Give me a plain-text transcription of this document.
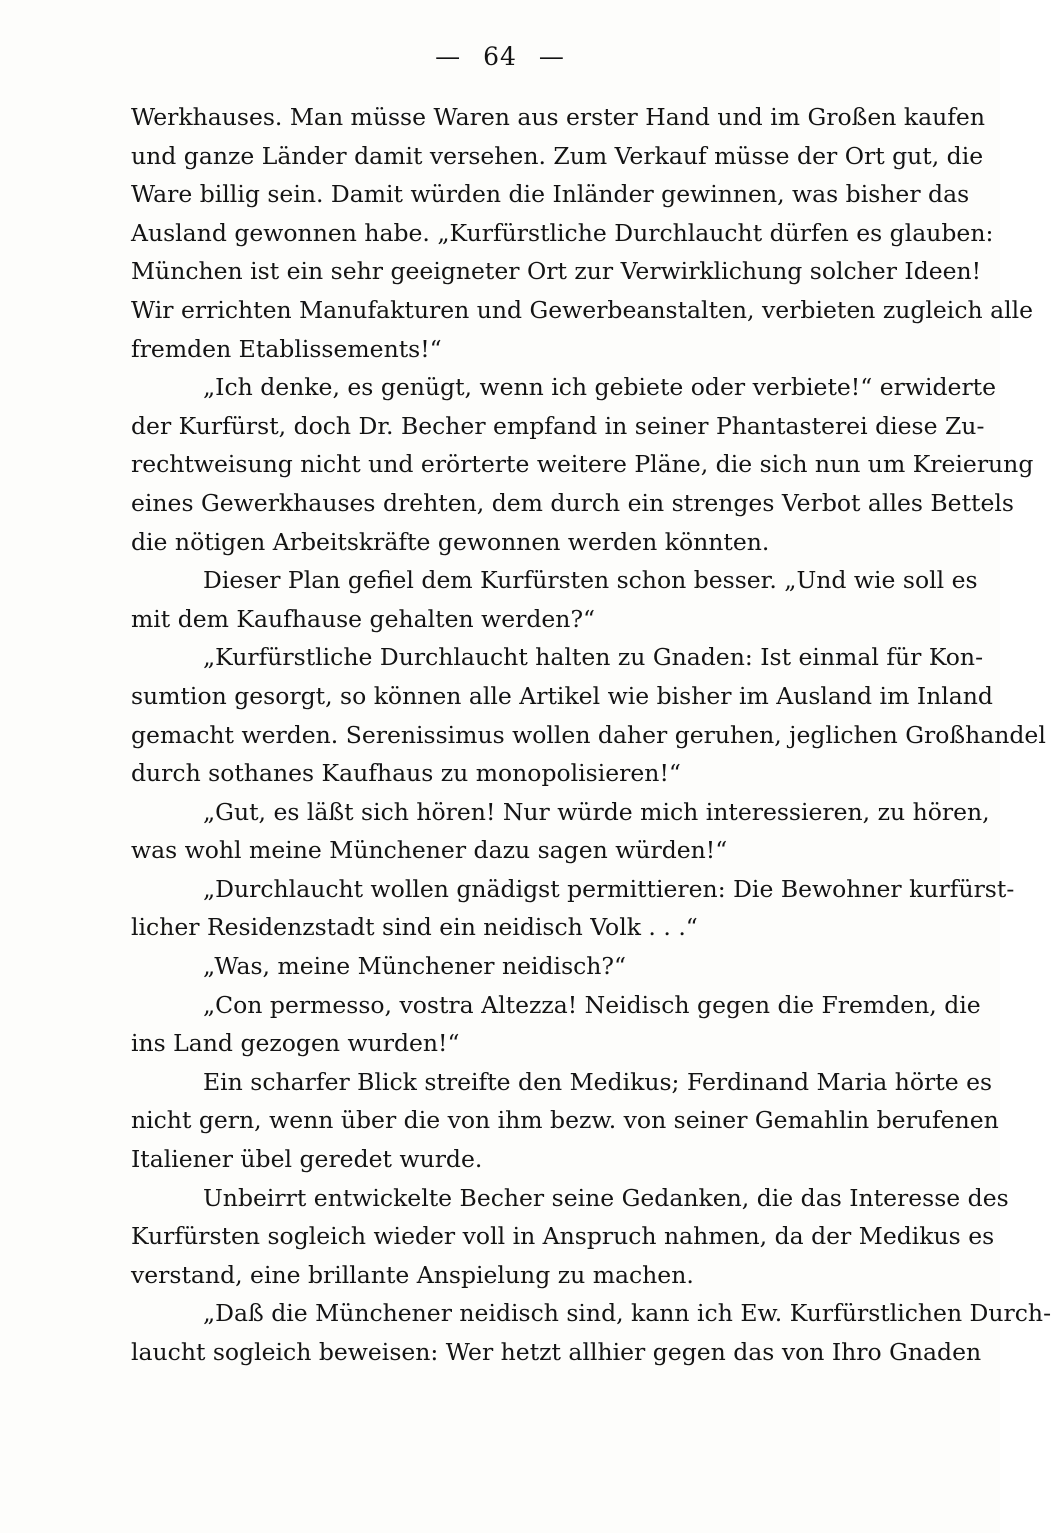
— 64 —
Werkhauses. Man müsse Waren aus erster Hand und im Großen kaufen
und ganze Länder damit versehen. Zum Verkauf müsse der Ort gut, die
Ware billig sein. Damit würden die Inländer gewinnen, was bisher das
Ausland gewonnen habe. „Kurfürstliche Durchlaucht dürfen es glauben:
München ist ein sehr geeigneter Ort zur Verwirklichung solcher Ideen!
Wir errichten Manufakturen und Gewerbeanstalten, verbieten zugleich alle
fremden Etablissements!“
„Ich denke, es genügt, wenn ich gebiete oder verbiete!“ erwiderte
der Kurfürst, doch Dr. Becher empfand in seiner Phantasterei diese Zu-
rechtweisung nicht und erörterte weitere Pläne, die sich nun um Kreierung
eines Gewerkhauses drehten, dem durch ein strenges Verbot alles Bettels
die nötigen Arbeitskräfte gewonnen werden könnten.
Dieser Plan gefiel dem Kurfürsten schon besser. „Und wie soll es
mit dem Kaufhause gehalten werden?“
„Kurfürstliche Durchlaucht halten zu Gnaden: Ist einmal für Kon-
sumtion gesorgt, so können alle Artikel wie bisher im Ausland im Inland
gemacht werden. Serenissimus wollen daher geruhen, jeglichen Großhandel
durch sothanes Kaufhaus zu monopolisieren!“
„Gut, es läßt sich hören! Nur würde mich interessieren, zu hören,
was wohl meine Münchener dazu sagen würden!“
„Durchlaucht wollen gnädigst permittieren: Die Bewohner kurfürst-
licher Residenzstadt sind ein neidisch Volk . . .“
„Was, meine Münchener neidisch?“
„Con permesso, vostra Altezza! Neidisch gegen die Fremden, die
ins Land gezogen wurden!“
Ein scharfer Blick streifte den Medikus; Ferdinand Maria hörte es
nicht gern, wenn über die von ihm bezw. von seiner Gemahlin berufenen
Italiener übel geredet wurde.
Unbeirrt entwickelte Becher seine Gedanken, die das Interesse des
Kurfürsten sogleich wieder voll in Anspruch nahmen, da der Medikus es
verstand, eine brillante Anspielung zu machen.
„Daß die Münchener neidisch sind, kann ich Ew. Kurfürstlichen Durch-
laucht sogleich beweisen: Wer hetzt allhier gegen das von Ihro Gnaden
